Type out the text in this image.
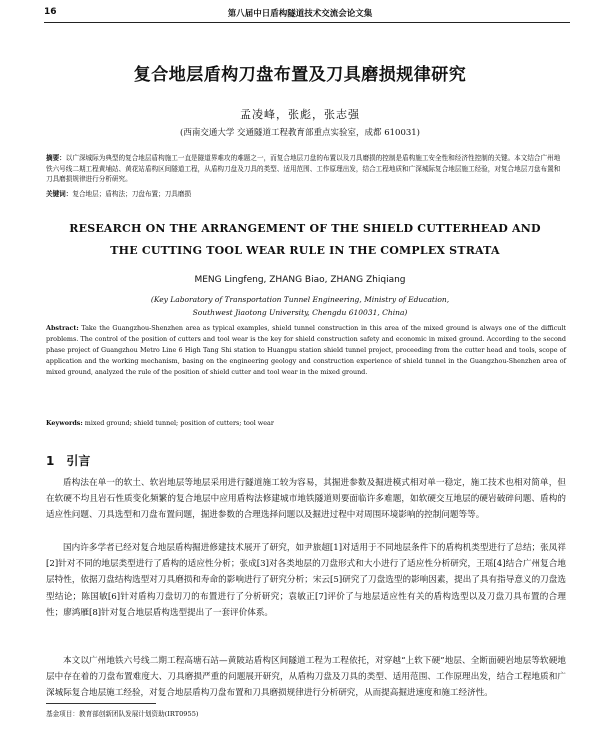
16	第八届中日盾构隧道技术交流会论文集
复合地层盾构刀盘布置及刀具磨损规律研究
孟凌峰，张彪，张志强
(西南交通大学 交通隧道工程教育部重点实验室，成都 610031)

摘要：以广深城际为典型的复合地层盾构施工一直是隧道界难攻的难题之一，而复合地层刀盘的布置以及刀具磨损的控制是盾构施工安全性和经济性控制的关键。本文结合广州地铁六号线二期工程黄埔站、黄花站盾构区间隧道工程，从盾构刀盘及刀具的类型、适用范围、工作原理出发，结合工程地质和广深城际复合地层施工经验，对复合地层刀盘布置和刀具磨损规律进行分析研究。

关键词：复合地层；盾构法；刀盘布置；刀具磨损

RESEARCH ON THE ARRANGEMENT OF THE SHIELD CUTTERHEAD AND THE CUTTING TOOL WEAR RULE IN THE COMPLEX STRATA

MENG Lingfeng, ZHANG Biao, ZHANG Zhiqiang

(Key Laboratory of Transportation Tunnel Engineering, Ministry of Education, Southwest Jiaotong University, Chengdu 610031, China)

Abstract: Take the Guangzhou-Shenzhen area as typical examples, shield tunnel construction in this area of the mixed ground is always one of the difficult problems. The control of the position of cutters and tool wear is the key for shield construction safety and economic in mixed ground. According to the second phase project of Guangzhou Metro Line 6 High Tang Shi station to Huangpu station shield tunnel project, proceeding from the cutter head and tools, scope of application and the working mechanism, basing on the engineering geology and construction experience of shield tunnel in the Guangzhou-Shenzhen area of mixed ground, analyzed the rule of the position of shield cutter and tool wear in the mixed ground.

Keywords: mixed ground; shield tunnel; position of cutters; tool wear

1 引言

盾构法在单一的软土、软岩地层等地层采用进行隧道施工较为容易，其掘进参数及掘进模式相对单一稳定，施工技术也相对简单，但在软硬不均且岩石性质变化频繁的复合地层中应用盾构法修建城市地铁隧道则要面临许多难题，如软硬交互地层的硬岩破碎问题、盾构的适应性问题、刀具选型和刀盘布置问题，掘进参数的合理选择问题以及掘进过程中对周围环境影响的控制问题等等。

国内许多学者已经对复合地层盾构掘进修建技术展开了研究，如尹旅超[1]对适用于不同地层条件下的盾构机类型进行了总结；张凤祥[2]针对不同的地层类型进行了盾构的适应性分析；张成[3]对各类地层的刀盘形式和大小进行了适应性分析研究，王瑶[4]结合广州复合地层特性，依据刀盘结构选型对刀具磨损和寿命的影响进行了研究分析；宋云[5]研究了刀盘选型的影响因素，提出了具有指导意义的刀盘选型结论；陈国敏[6]针对盾构刀盘切刀的布置进行了分析研究；袁敏正[7]评价了与地层适应性有关的盾构选型以及刀盘刀具布置的合理性；廖鸿雁[8]针对复合地层盾构选型提出了一套评价体系。

本文以广州地铁六号线二期工程高塘石站—黄陂站盾构区间隧道工程为工程依托，对穿越“上软下硬”地层、全断面硬岩地层等软硬地层中存在着的刀盘布置难度大、刀具磨损严重的问题展开研究，从盾构刀盘及刀具的类型、适用范围、工作原理出发，结合工程地质和广深城际复合地层施工经验，对复合地层盾构刀盘布置和刀具磨损规律进行分析研究，从而提高掘进速度和施工经济性。

基金项目：教育部创新团队发展计划资助(IRT0955)
